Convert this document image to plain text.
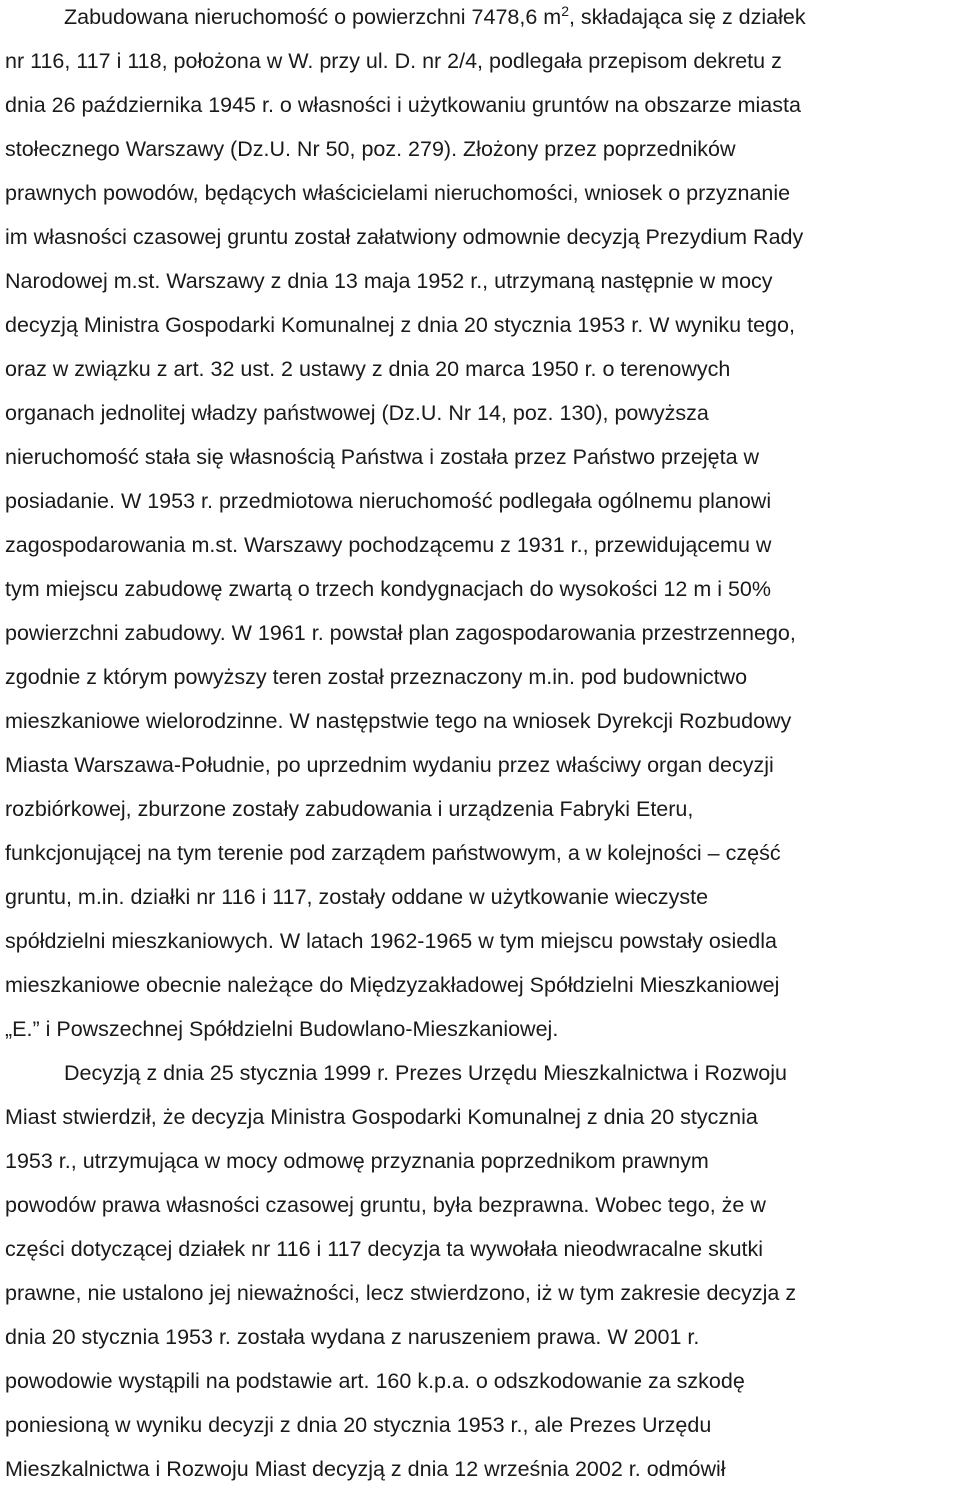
Zabudowana nieruchomość o powierzchni 7478,6 $m^2$, składająca się z działek
nr 116, 117 i 118, położona w W. przy ul. D. nr 2/4, podlegała przepisom dekretu z
dnia 26 października 1945 r. o własności i użytkowaniu gruntów na obszarze miasta
stołecznego Warszawy (Dz.U. Nr 50, poz. 279). Złożony przez poprzedników
prawnych powodów, będących właścicielami nieruchomości, wniosek o przyznanie
im własności czasowej gruntu został załatwiony odmownie decyzją Prezydium Rady
Narodowej m.st. Warszawy z dnia 13 maja 1952 r., utrzymaną następnie w mocy
decyzją Ministra Gospodarki Komunalnej z dnia 20 stycznia 1953 r. W wyniku tego,
oraz w związku z art. 32 ust. 2 ustawy z dnia 20 marca 1950 r. o terenowych
organach jednolitej władzy państwowej (Dz.U. Nr 14, poz. 130), powyższa
nieruchomość stała się własnością Państwa i została przez Państwo przejęta w
posiadanie. W 1953 r. przedmiotowa nieruchomość podlegała ogólnemu planowi
zagospodarowania m.st. Warszawy pochodzącemu z 1931 r., przewidującemu w
tym miejscu zabudowę zwartą o trzech kondygnacjach do wysokości 12 m i 50%
powierzchni zabudowy. W 1961 r. powstał plan zagospodarowania przestrzennego,
zgodnie z którym powyższy teren został przeznaczony m.in. pod budownictwo
mieszkaniowe wielorodzinne. W następstwie tego na wniosek Dyrekcji Rozbudowy
Miasta Warszawa-Południe, po uprzednim wydaniu przez właściwy organ decyzji
rozbiórkowej, zburzone zostały zabudowania i urządzenia Fabryki Eteru,
funkcjonującej na tym terenie pod zarządem państwowym, a w kolejności – część
gruntu, m.in. działki nr 116 i 117, zostały oddane w użytkowanie wieczyste
spółdzielni mieszkaniowych. W latach 1962-1965 w tym miejscu powstały osiedla
mieszkaniowe obecnie należące do Międzyzakładowej Spółdzielni Mieszkaniowej
„E.” i Powszechnej Spółdzielni Budowlano-Mieszkaniowej.
Decyzją z dnia 25 stycznia 1999 r. Prezes Urzędu Mieszkalnictwa i Rozwoju
Miast stwierdził, że decyzja Ministra Gospodarki Komunalnej z dnia 20 stycznia
1953 r., utrzymująca w mocy odmowę przyznania poprzednikom prawnym
powodów prawa własności czasowej gruntu, była bezprawna. Wobec tego, że w
części dotyczącej działek nr 116 i 117 decyzja ta wywołała nieodwracalne skutki
prawne, nie ustalono jej nieważności, lecz stwierdzono, iż w tym zakresie decyzja z
dnia 20 stycznia 1953 r. została wydana z naruszeniem prawa. W 2001 r.
powodowie wystąpili na podstawie art. 160 k.p.a. o odszkodowanie za szkodę
poniesioną w wyniku decyzji z dnia 20 stycznia 1953 r., ale Prezes Urzędu
Mieszkalnictwa i Rozwoju Miast decyzją z dnia 12 września 2002 r. odmówił
